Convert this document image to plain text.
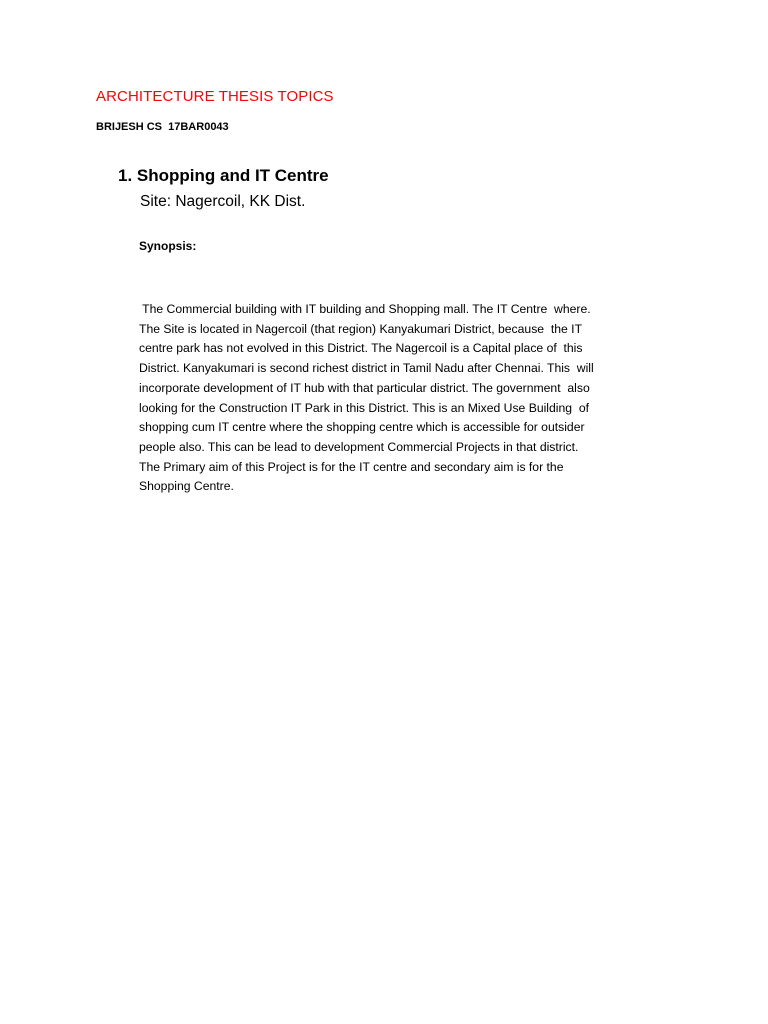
ARCHITECTURE THESIS TOPICS
BRIJESH CS  17BAR0043
1. Shopping and IT Centre
Site: Nagercoil, KK Dist.
Synopsis:
The Commercial building with IT building and Shopping mall. The IT Centre  where.
The Site is located in Nagercoil (that region) Kanyakumari District, because  the IT
centre park has not evolved in this District. The Nagercoil is a Capital place of  this
District. Kanyakumari is second richest district in Tamil Nadu after Chennai. This  will
incorporate development of IT hub with that particular district. The government  also
looking for the Construction IT Park in this District. This is an Mixed Use Building  of
shopping cum IT centre where the shopping centre which is accessible for outsider
people also. This can be lead to development Commercial Projects in that district.
The Primary aim of this Project is for the IT centre and secondary aim is for the
Shopping Centre.
